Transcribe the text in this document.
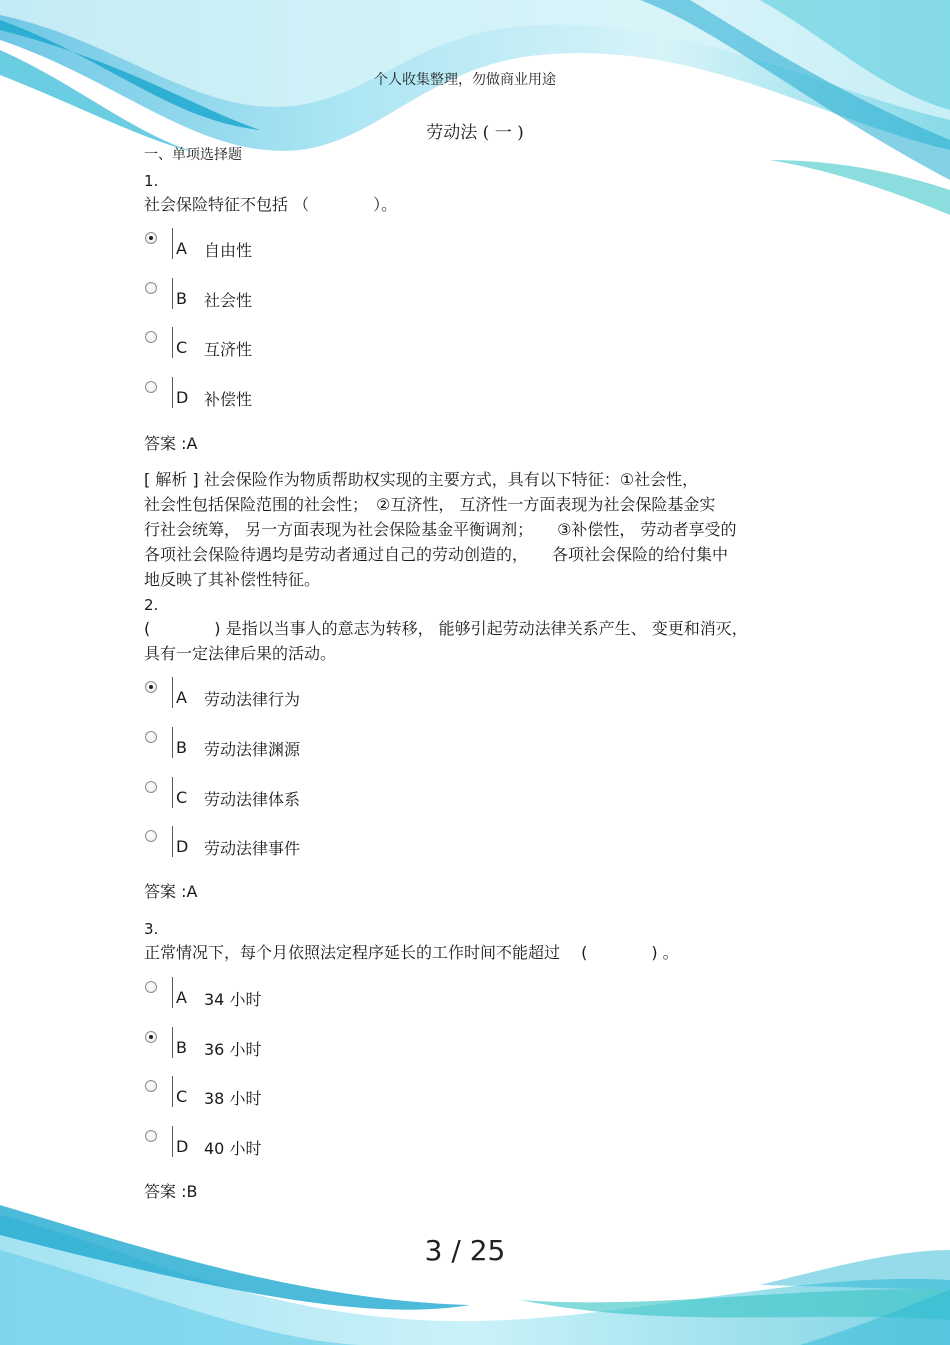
个人收集整理，勿做商业用途
劳动法 ( 一 )
一、单项选择题
1.
社会保险特征不包括 （　　　　）。
A 自由性
B 社会性
C 互济性
D 补偿性
答案 :A
[ 解析 ] 社会保险作为物质帮助权实现的主要方式，具有以下特征：①社会性，
社会性包括保险范围的社会性；　②互济性， 互济性一方面表现为社会保险基金实
行社会统筹， 另一方面表现为社会保险基金平衡调剂；　　③补偿性， 劳动者享受的
各项社会保险待遇均是劳动者通过自己的劳动创造的，　　各项社会保险的给付集中
地反映了其补偿性特征。
2.
(　　　　) 是指以当事人的意志为转移， 能够引起劳动法律关系产生、 变更和消灭，
具有一定法律后果的活动。
A 劳动法律行为
B 劳动法律渊源
C 劳动法律体系
D 劳动法律事件
答案 :A
3.
正常情况下，每个月依照法定程序延长的工作时间不能超过　 (　　　　) 。
A 34 小时
B 36 小时
C 38 小时
D 40 小时
答案 :B
3 / 25
